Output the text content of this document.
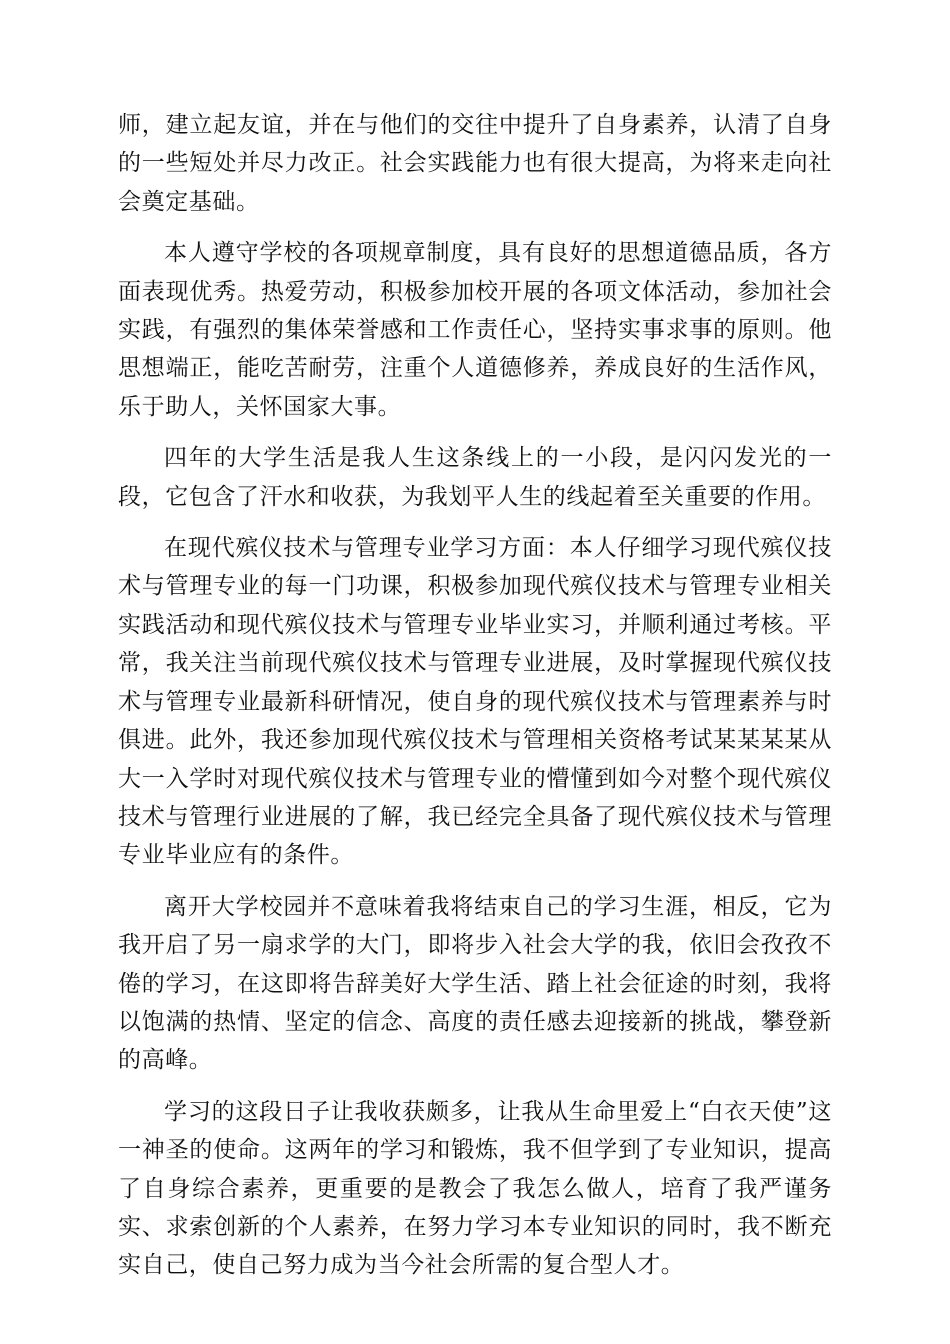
师，建立起友谊，并在与他们的交往中提升了自身素养，认清了自身的一些短处并尽力改正。社会实践能力也有很大提高，为将来走向社会奠定基础。

本人遵守学校的各项规章制度，具有良好的思想道德品质，各方面表现优秀。热爱劳动，积极参加校开展的各项文体活动，参加社会实践，有强烈的集体荣誉感和工作责任心，坚持实事求事的原则。他思想端正，能吃苦耐劳，注重个人道德修养，养成良好的生活作风，乐于助人，关怀国家大事。

四年的大学生活是我人生这条线上的一小段，是闪闪发光的一段，它包含了汗水和收获，为我划平人生的线起着至关重要的作用。

在现代殡仪技术与管理专业学习方面：本人仔细学习现代殡仪技术与管理专业的每一门功课，积极参加现代殡仪技术与管理专业相关实践活动和现代殡仪技术与管理专业毕业实习，并顺利通过考核。平常，我关注当前现代殡仪技术与管理专业进展，及时掌握现代殡仪技术与管理专业最新科研情况，使自身的现代殡仪技术与管理素养与时俱进。此外，我还参加现代殡仪技术与管理相关资格考试某某某某从大一入学时对现代殡仪技术与管理专业的懵懂到如今对整个现代殡仪技术与管理行业进展的了解，我已经完全具备了现代殡仪技术与管理专业毕业应有的条件。

离开大学校园并不意味着我将结束自己的学习生涯，相反，它为我开启了另一扇求学的大门，即将步入社会大学的我，依旧会孜孜不倦的学习，在这即将告辞美好大学生活、踏上社会征途的时刻，我将以饱满的热情、坚定的信念、高度的责任感去迎接新的挑战，攀登新的高峰。

学习的这段日子让我收获颇多，让我从生命里爱上“白衣天使”这一神圣的使命。这两年的学习和锻炼，我不但学到了专业知识，提高了自身综合素养，更重要的是教会了我怎么做人，培育了我严谨务实、求索创新的个人素养，在努力学习本专业知识的同时，我不断充实自己，使自己努力成为当今社会所需的复合型人才。
